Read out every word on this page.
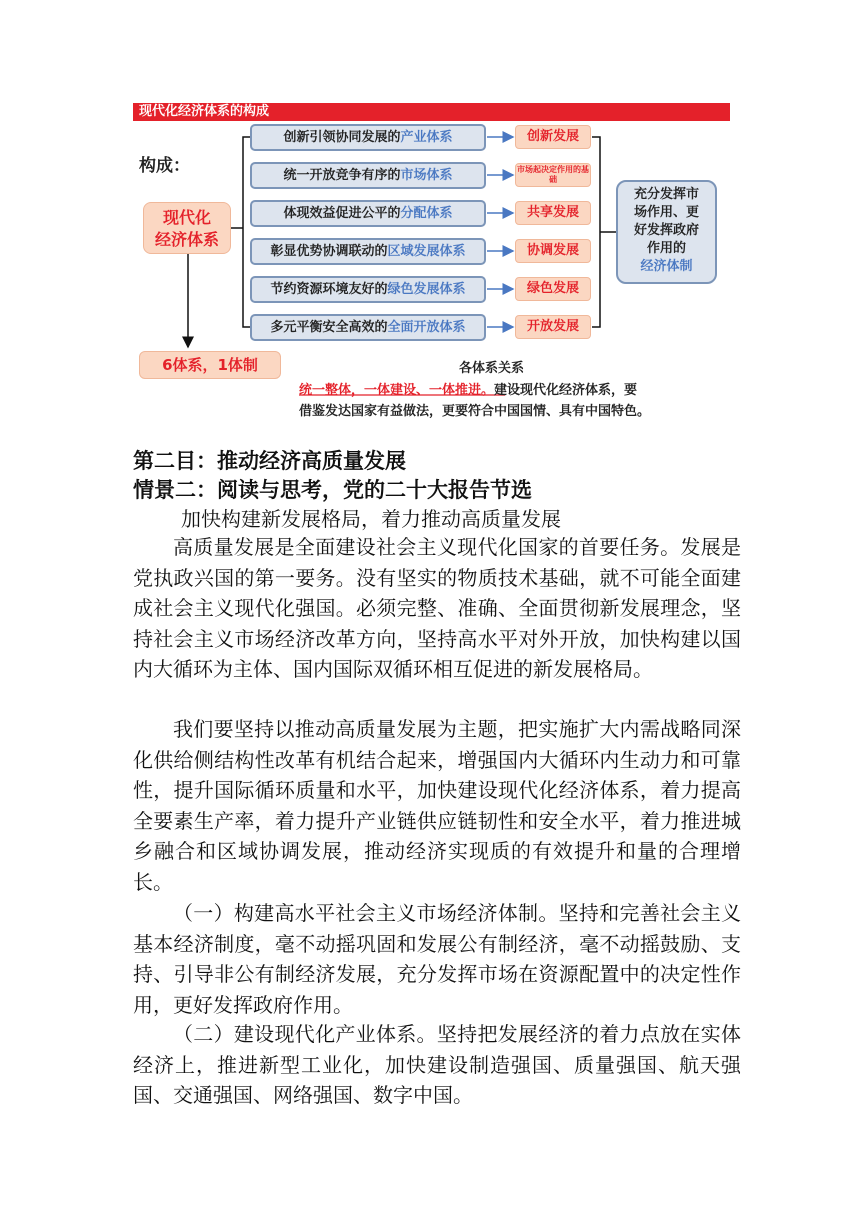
现代化经济体系的构成
构成：
现代化
经济体系
创新引领协同发展的产业体系
统一开放竞争有序的市场体系
体现效益促进公平的分配体系
彰显优势协调联动的区域发展体系
节约资源环境友好的绿色发展体系
多元平衡安全高效的全面开放体系
创新发展
市场起决定作用的基础
共享发展
协调发展
绿色发展
开放发展
充分发挥市
场作用、更
好发挥政府
作用的
经济体制
6体系，1体制	各体系关系
统一整体，一体建设、一体推进。建设现代化经济体系，要
借鉴发达国家有益做法，更要符合中国国情、具有中国特色。
第二目：推动经济高质量发展
情景二：阅读与思考，党的二十大报告节选
加快构建新发展格局，着力推动高质量发展

高质量发展是全面建设社会主义现代化国家的首要任务。发展是党执政兴国的第一要务。没有坚实的物质技术基础，就不可能全面建成社会主义现代化强国。必须完整、准确、全面贯彻新发展理念，坚持社会主义市场经济改革方向，坚持高水平对外开放，加快构建以国内大循环为主体、国内国际双循环相互促进的新发展格局。

我们要坚持以推动高质量发展为主题，把实施扩大内需战略同深化供给侧结构性改革有机结合起来，增强国内大循环内生动力和可靠性，提升国际循环质量和水平，加快建设现代化经济体系，着力提高全要素生产率，着力提升产业链供应链韧性和安全水平，着力推进城乡融合和区域协调发展，推动经济实现质的有效提升和量的合理增长。

（一）构建高水平社会主义市场经济体制。坚持和完善社会主义基本经济制度，毫不动摇巩固和发展公有制经济，毫不动摇鼓励、支持、引导非公有制经济发展，充分发挥市场在资源配置中的决定性作用，更好发挥政府作用。

（二）建设现代化产业体系。坚持把发展经济的着力点放在实体经济上，推进新型工业化，加快建设制造强国、质量强国、航天强国、交通强国、网络强国、数字中国。
